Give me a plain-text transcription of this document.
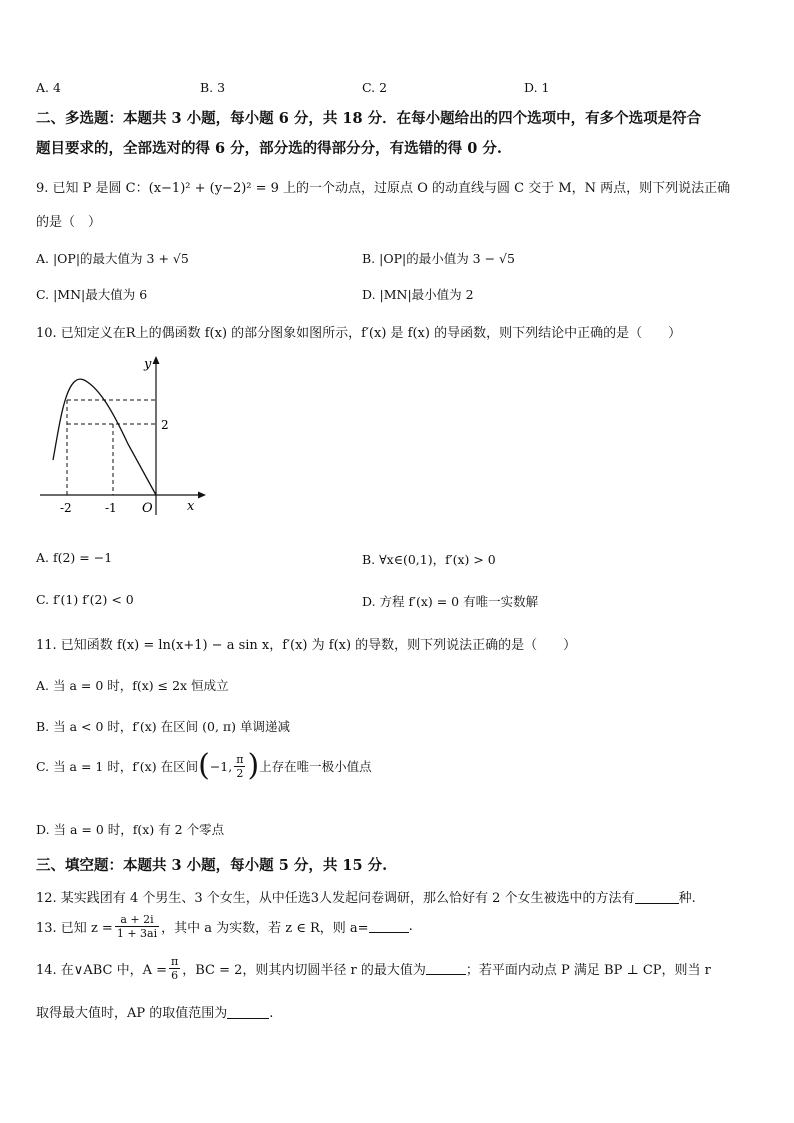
A. 4	B. 3	C. 2	D. 1
二、多选题：本题共 3 小题，每小题 6 分，共 18 分．在每小题给出的四个选项中，有多个选项是符合
题目要求的，全部选对的得 6 分，部分选的得部分分，有选错的得 0 分.
9. 已知 P 是圆 C：(x−1)² + (y−2)² = 9 上的一个动点，过原点 O 的动直线与圆 C 交于 M，N 两点，则下列说法正确
的是（　）
A. |OP|的最大值为 3 + √5	B. |OP|的最小值为 3 − √5
C. |MN|最大值为 6	D. |MN|最小值为 2
10. 已知定义在R上的偶函数 f(x) 的部分图象如图所示，f′(x) 是 f(x) 的导函数，则下列结论中正确的是（　　）
y
x
O
2
-2	-1
A. f(2) = −1	B. ∀x∈(0,1)，f′(x) > 0
C. f′(1) f′(2) < 0	D. 方程 f′(x) = 0 有唯一实数解
11. 已知函数 f(x) = ln(x+1) − a sin x，f′(x) 为 f(x) 的导数，则下列说法正确的是（　　）
A. 当 a = 0 时，f(x) ≤ 2x 恒成立
B. 当 a < 0 时，f′(x) 在区间 (0, π) 单调递减
C. 当 a = 1 时，f′(x) 在区间 ( −1, $\frac{\pi}{2}$ ) 上存在唯一极小值点
D. 当 a = 0 时，f(x) 有 2 个零点
三、填空题：本题共 3 小题，每小题 5 分，共 15 分.
12. 某实践团有 4 个男生、3 个女生，从中任选3人发起问卷调研，那么恰好有 2 个女生被选中的方法有	种.
13. 已知 $z = \frac{a + 2i}{1 + 3ai}$ ，其中 a 为实数，若 z ∈ R，则 a=	.
14. 在∨ABC 中，$A = \frac{\pi}{6}$ ，BC = 2，则其内切圆半径 r 的最大值为	；若平面内动点 P 满足 BP ⊥ CP，则当 r
取得最大值时，AP 的取值范围为	.
